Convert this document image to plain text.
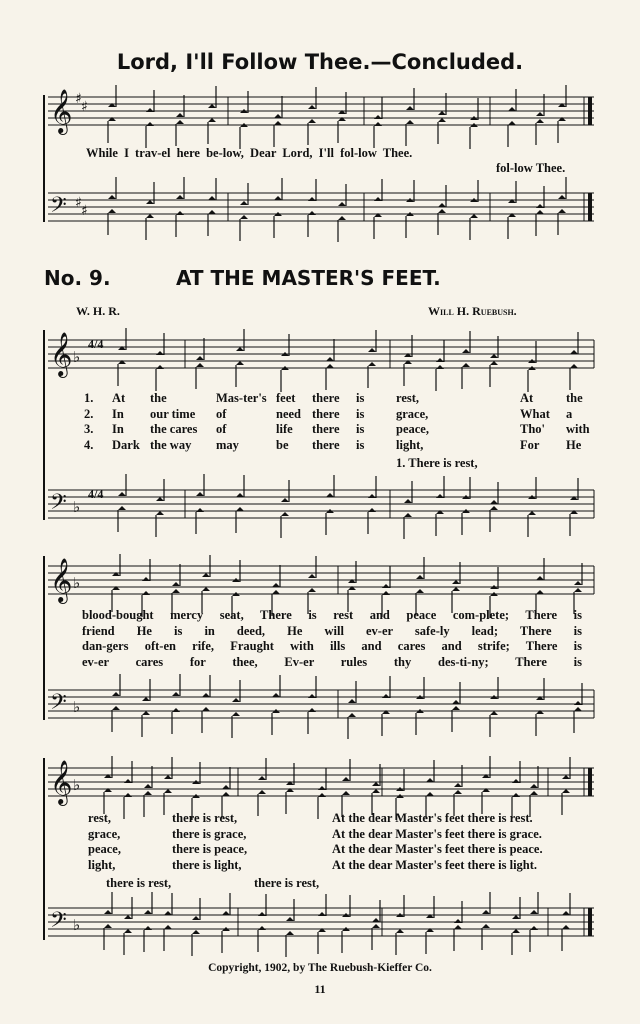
Lord, I'll Follow Thee.—Concluded.
𝄞
𝄢
𝄞
𝄢
𝄞
𝄢
𝄞
𝄢
♯ ♯
♯ ♯
♭
♭
♭
♭
♭
♭
4/4
4/4
While I trav-el here be-low, Dear Lord, I'll fol-low Thee.
fol-low Thee.
No. 9.	AT THE MASTER'S FEET.
W. H. R.	Will H. Ruebush.
1. At the	Mas-ter's feet there is	rest,	At	the
2. In our time of	need there is	grace,	What a
3. In the cares of	life there is	peace,	Tho' with
4. Dark the way may	be there is	light,	For He
1. There is rest,
blood-bought mercy seat, There is rest and peace com-plete; There is
friend He is in deed, He will ev-er safe-ly lead; There is
dan-gers oft-en rife, Fraught with ills and cares and strife; There is
ev-er cares for thee, Ev-er rules thy des-ti-ny; There is
rest,	there is rest,	At the dear Master's feet there is rest.
grace,	there is grace,	At the dear Master's feet there is grace.
peace,	there is peace,	At the dear Master's feet there is peace.
light,	there is light,	At the dear Master's feet there is light.
there is rest,	there is rest,
Copyright, 1902, by The Ruebush-Kieffer Co.
11
